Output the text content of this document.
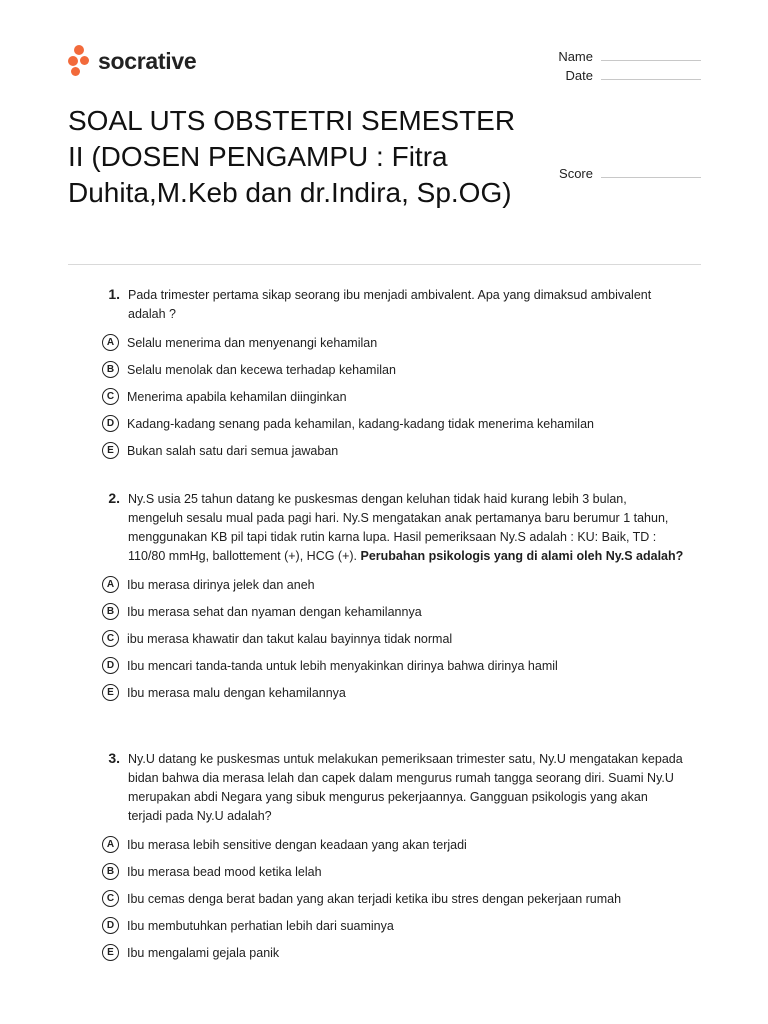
socrative	Name
Date
Score
SOAL UTS OBSTETRI SEMESTER II (DOSEN PENGAMPU : Fitra Duhita,M.Keb dan dr.Indira, Sp.OG)
1. Pada trimester pertama sikap seorang ibu menjadi ambivalent. Apa yang dimaksud ambivalent adalah ?
A	Selalu menerima dan menyenangi kehamilan
B	Selalu menolak dan kecewa terhadap kehamilan
C	Menerima apabila kehamilan diinginkan
D	Kadang-kadang senang pada kehamilan, kadang-kadang tidak menerima kehamilan
E	Bukan salah satu dari semua jawaban
2. Ny.S usia 25 tahun datang ke puskesmas dengan keluhan tidak haid kurang lebih 3 bulan, mengeluh sesalu mual pada pagi hari. Ny.S mengatakan anak pertamanya baru berumur 1 tahun, menggunakan KB pil tapi tidak rutin karna lupa. Hasil pemeriksaan Ny.S adalah : KU: Baik, TD : 110/80 mmHg, ballottement (+), HCG (+). Perubahan psikologis yang di alami oleh Ny.S adalah?
A	Ibu merasa dirinya jelek dan aneh
B	Ibu merasa sehat dan nyaman dengan kehamilannya
C	ibu merasa khawatir dan takut kalau bayinnya tidak normal
D	Ibu mencari tanda-tanda untuk lebih menyakinkan dirinya bahwa dirinya hamil
E	Ibu merasa malu dengan kehamilannya
3. Ny.U datang ke puskesmas untuk melakukan pemeriksaan trimester satu, Ny.U mengatakan kepada bidan bahwa dia merasa lelah dan capek dalam mengurus rumah tangga seorang diri. Suami Ny.U merupakan abdi Negara yang sibuk mengurus pekerjaannya. Gangguan psikologis yang akan terjadi pada Ny.U adalah?
A	Ibu merasa lebih sensitive dengan keadaan yang akan terjadi
B	Ibu merasa bead mood ketika lelah
C	Ibu cemas denga berat badan yang akan terjadi ketika ibu stres dengan pekerjaan rumah
D	Ibu membutuhkan perhatian lebih dari suaminya
E	Ibu mengalami gejala panik
